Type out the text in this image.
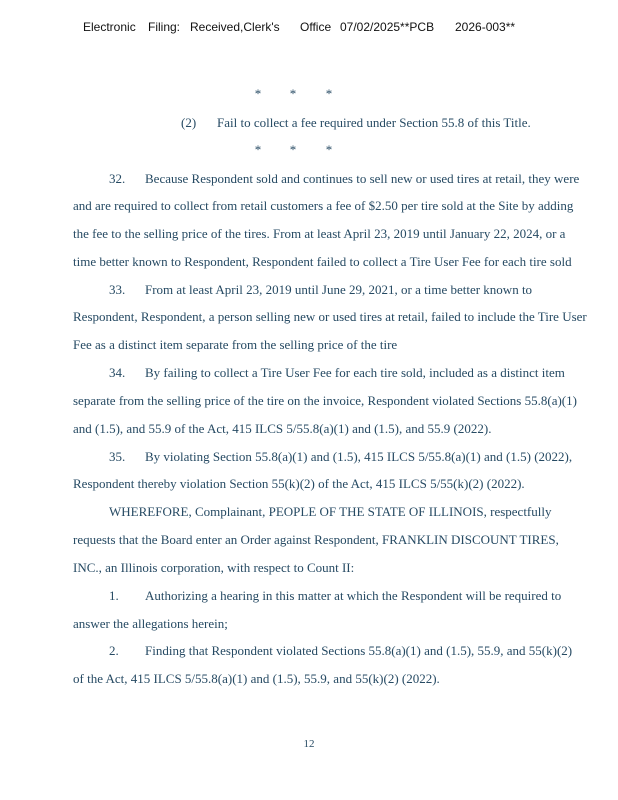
Electronic

Filing:

Received,Clerk's

Office

07/02/2025**PCB

2026-003**

* * *
(2) Fail to collect a fee required under Section 55.8 of this Title.
* * *
32. Because Respondent sold and continues to sell new or used tires at retail, they were
and are required to collect from retail customers a fee of $2.50 per tire sold at the Site by adding
the fee to the selling price of the tires. From at least April 23, 2019 until January 22, 2024, or a
time better known to Respondent, Respondent failed to collect a Tire User Fee for each tire sold
33. From at least April 23, 2019 until June 29, 2021, or a time better known to
Respondent, Respondent, a person selling new or used tires at retail, failed to include the Tire User
Fee as a distinct item separate from the selling price of the tire
34. By failing to collect a Tire User Fee for each tire sold, included as a distinct item
separate from the selling price of the tire on the invoice, Respondent violated Sections 55.8(a)(1)
and (1.5), and 55.9 of the Act, 415 ILCS 5/55.8(a)(1) and (1.5), and 55.9 (2022).
35. By violating Section 55.8(a)(1) and (1.5), 415 ILCS 5/55.8(a)(1) and (1.5) (2022),
Respondent thereby violation Section 55(k)(2) of the Act, 415 ILCS 5/55(k)(2) (2022).
WHEREFORE, Complainant, PEOPLE OF THE STATE OF ILLINOIS, respectfully
requests that the Board enter an Order against Respondent, FRANKLIN DISCOUNT TIRES,
INC., an Illinois corporation, with respect to Count II:
1. Authorizing a hearing in this matter at which the Respondent will be required to
answer the allegations herein;
2. Finding that Respondent violated Sections 55.8(a)(1) and (1.5), 55.9, and 55(k)(2)
of the Act, 415 ILCS 5/55.8(a)(1) and (1.5), 55.9, and 55(k)(2) (2022).
12
